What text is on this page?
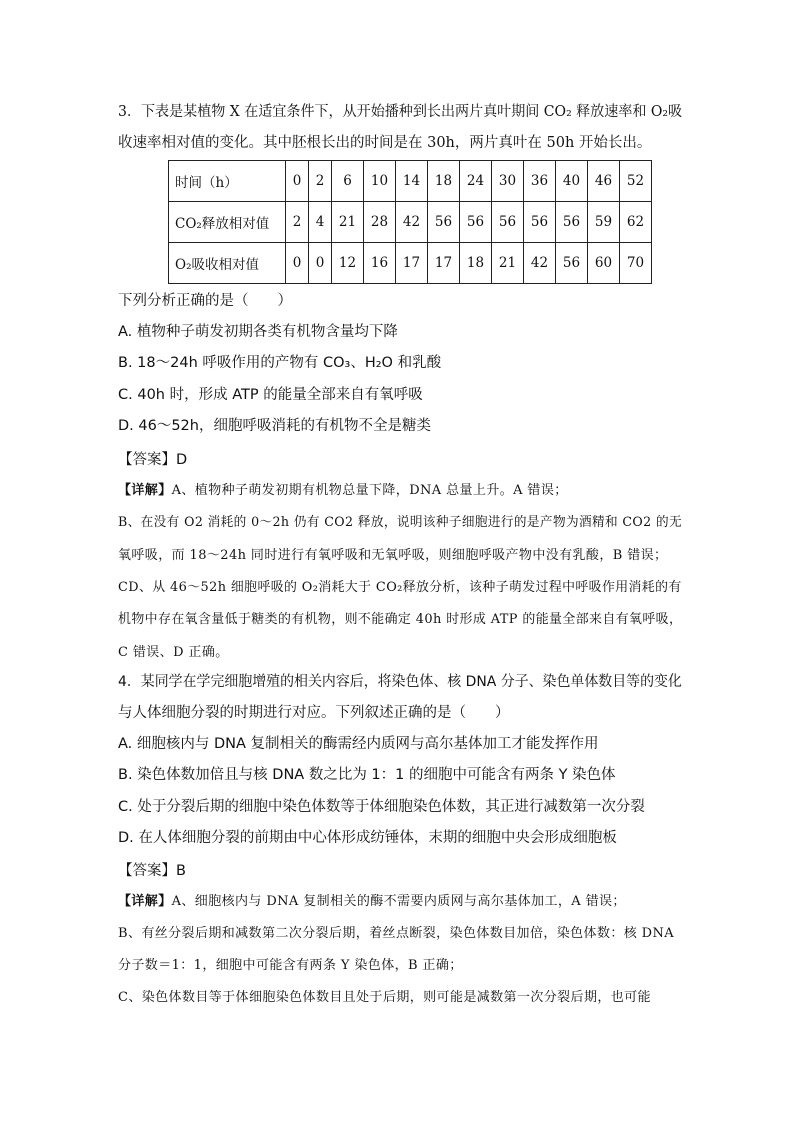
3．下表是某植物 X 在适宜条件下，从开始播种到长出两片真叶期间 CO₂ 释放速率和 O₂吸
收速率相对值的变化。其中胚根长出的时间是在 30h，两片真叶在 50h 开始长出。
时间（h）	0	2	6	10	14	18	24	30	36	40	46	52
CO₂释放相对值	2	4	21	28	42	56	56	56	56	56	59	62
O₂吸收相对值	0	0	12	16	17	17	18	21	42	56	60	70
下列分析正确的是（　　）
A. 植物种子萌发初期各类有机物含量均下降
B. 18～24h 呼吸作用的产物有 CO₃、H₂O 和乳酸
C. 40h 时，形成 ATP 的能量全部来自有氧呼吸
D. 46～52h，细胞呼吸消耗的有机物不全是糖类
【答案】D
【详解】A、植物种子萌发初期有机物总量下降，DNA 总量上升。A 错误；
B、在没有 O2 消耗的 0～2h 仍有 CO2 释放，说明该种子细胞进行的是产物为酒精和 CO2 的无
氧呼吸，而 18～24h 同时进行有氧呼吸和无氧呼吸，则细胞呼吸产物中没有乳酸，B 错误；
CD、从 46～52h 细胞呼吸的 O₂消耗大于 CO₂释放分析，该种子萌发过程中呼吸作用消耗的有
机物中存在氧含量低于糖类的有机物，则不能确定 40h 时形成 ATP 的能量全部来自有氧呼吸，
C 错误、D 正确。
4．某同学在学完细胞增殖的相关内容后，将染色体、核 DNA 分子、染色单体数目等的变化
与人体细胞分裂的时期进行对应。下列叙述正确的是（　　）
A. 细胞核内与 DNA 复制相关的酶需经内质网与高尔基体加工才能发挥作用
B. 染色体数加倍且与核 DNA 数之比为 1：1 的细胞中可能含有两条 Y 染色体
C. 处于分裂后期的细胞中染色体数等于体细胞染色体数，其正进行减数第一次分裂
D. 在人体细胞分裂的前期由中心体形成纺锤体，末期的细胞中央会形成细胞板
【答案】B
【详解】A、细胞核内与 DNA 复制相关的酶不需要内质网与高尔基体加工，A 错误；
B、有丝分裂后期和减数第二次分裂后期，着丝点断裂，染色体数目加倍，染色体数：核 DNA
分子数＝1：1，细胞中可能含有两条 Y 染色体，B 正确；
C、染色体数目等于体细胞染色体数目且处于后期，则可能是减数第一次分裂后期，也可能
